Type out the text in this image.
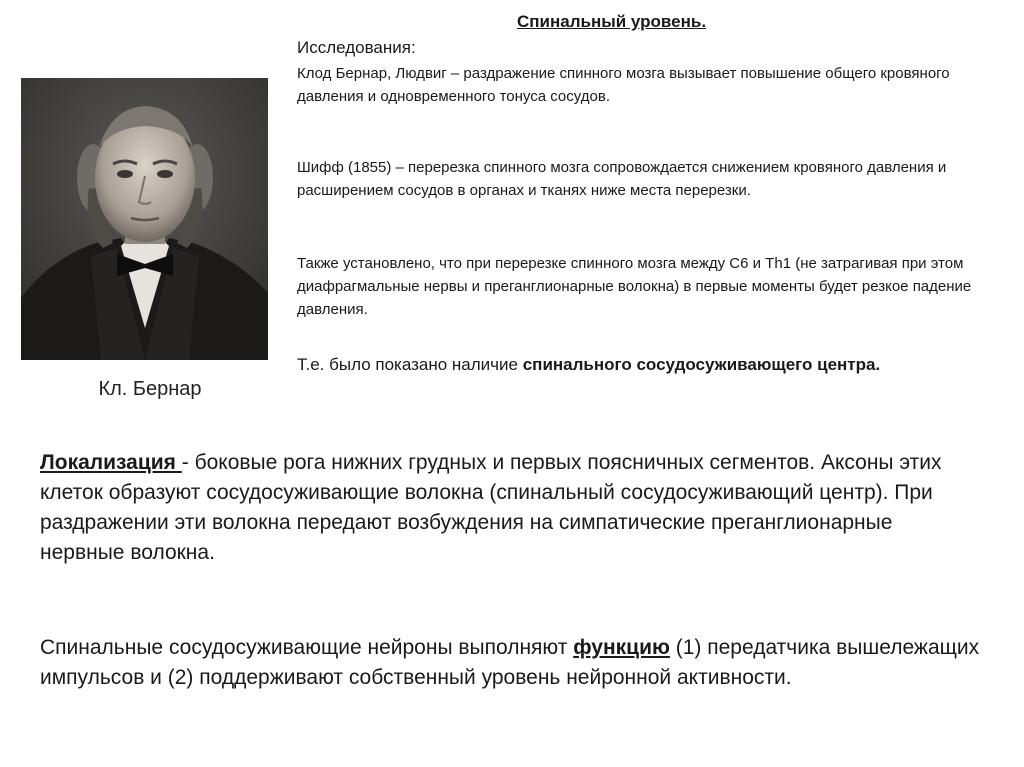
Кл. Бернар
Спинальный уровень.
Исследования:
Клод Бернар, Людвиг – раздражение спинного мозга вызывает повышение общего кровяного давления и одновременного тонуса сосудов.
Шифф (1855) – перерезка спинного мозга сопровождается снижением кровяного давления и расширением сосудов в органах и тканях ниже места перерезки.
Также установлено, что при перерезке спинного мозга между С6 и Th1 (не затрагивая при этом диафрагмальные нервы и преганглионарные волокна) в первые моменты будет резкое падение давления.
Т.е. было показано наличие спинального сосудосуживающего центра.
Локализация - боковые рога нижних грудных и первых поясничных сегментов. Аксоны этих клеток образуют сосудосуживающие волокна (спинальный сосудосуживающий центр). При раздражении эти волокна передают возбуждения на симпатические преганглионарные нервные волокна.
Спинальные сосудосуживающие нейроны выполняют функцию (1) передатчика вышележащих импульсов и (2) поддерживают собственный уровень нейронной активности.
